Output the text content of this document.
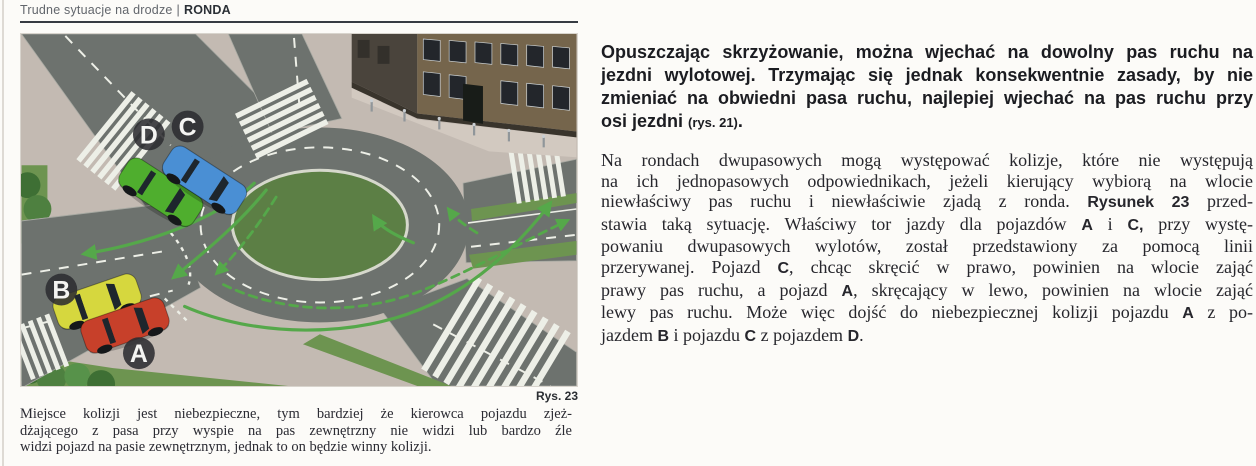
Trudne sytuacje na drodze | RONDA
D C
B
A
Rys. 23
Miejsce kolizji jest niebezpieczne, tym bardziej że kierowca pojazdu zjeż-
dżającego z pasa przy wyspie na pas zewnętrzny nie widzi lub bardzo źle
widzi pojazd na pasie zewnętrznym, jednak to on będzie winny kolizji.
Opuszczając skrzyżowanie, można wjechać na dowolny pas ruchu na
jezdni wylotowej. Trzymając się jednak konsekwentnie zasady, by nie
zmieniać na obwiedni pasa ruchu, najlepiej wjechać na pas ruchu przy
osi jezdni (rys. 21).
Na rondach dwupasowych mogą występować kolizje, które nie występują
na ich jednopasowych odpowiednikach, jeżeli kierujący wybiorą na wlocie
niewłaściwy pas ruchu i niewłaściwie zjadą z ronda. Rysunek 23 przed-
stawia taką sytuację. Właściwy tor jazdy dla pojazdów A i C, przy wystę-
powaniu dwupasowych wylotów, został przedstawiony za pomocą linii
przerywanej. Pojazd C, chcąc skręcić w prawo, powinien na wlocie zająć
prawy pas ruchu, a pojazd A, skręcający w lewo, powinien na wlocie zająć
lewy pas ruchu. Może więc dojść do niebezpiecznej kolizji pojazdu A z po-
jazdem B i pojazdu C z pojazdem D.
